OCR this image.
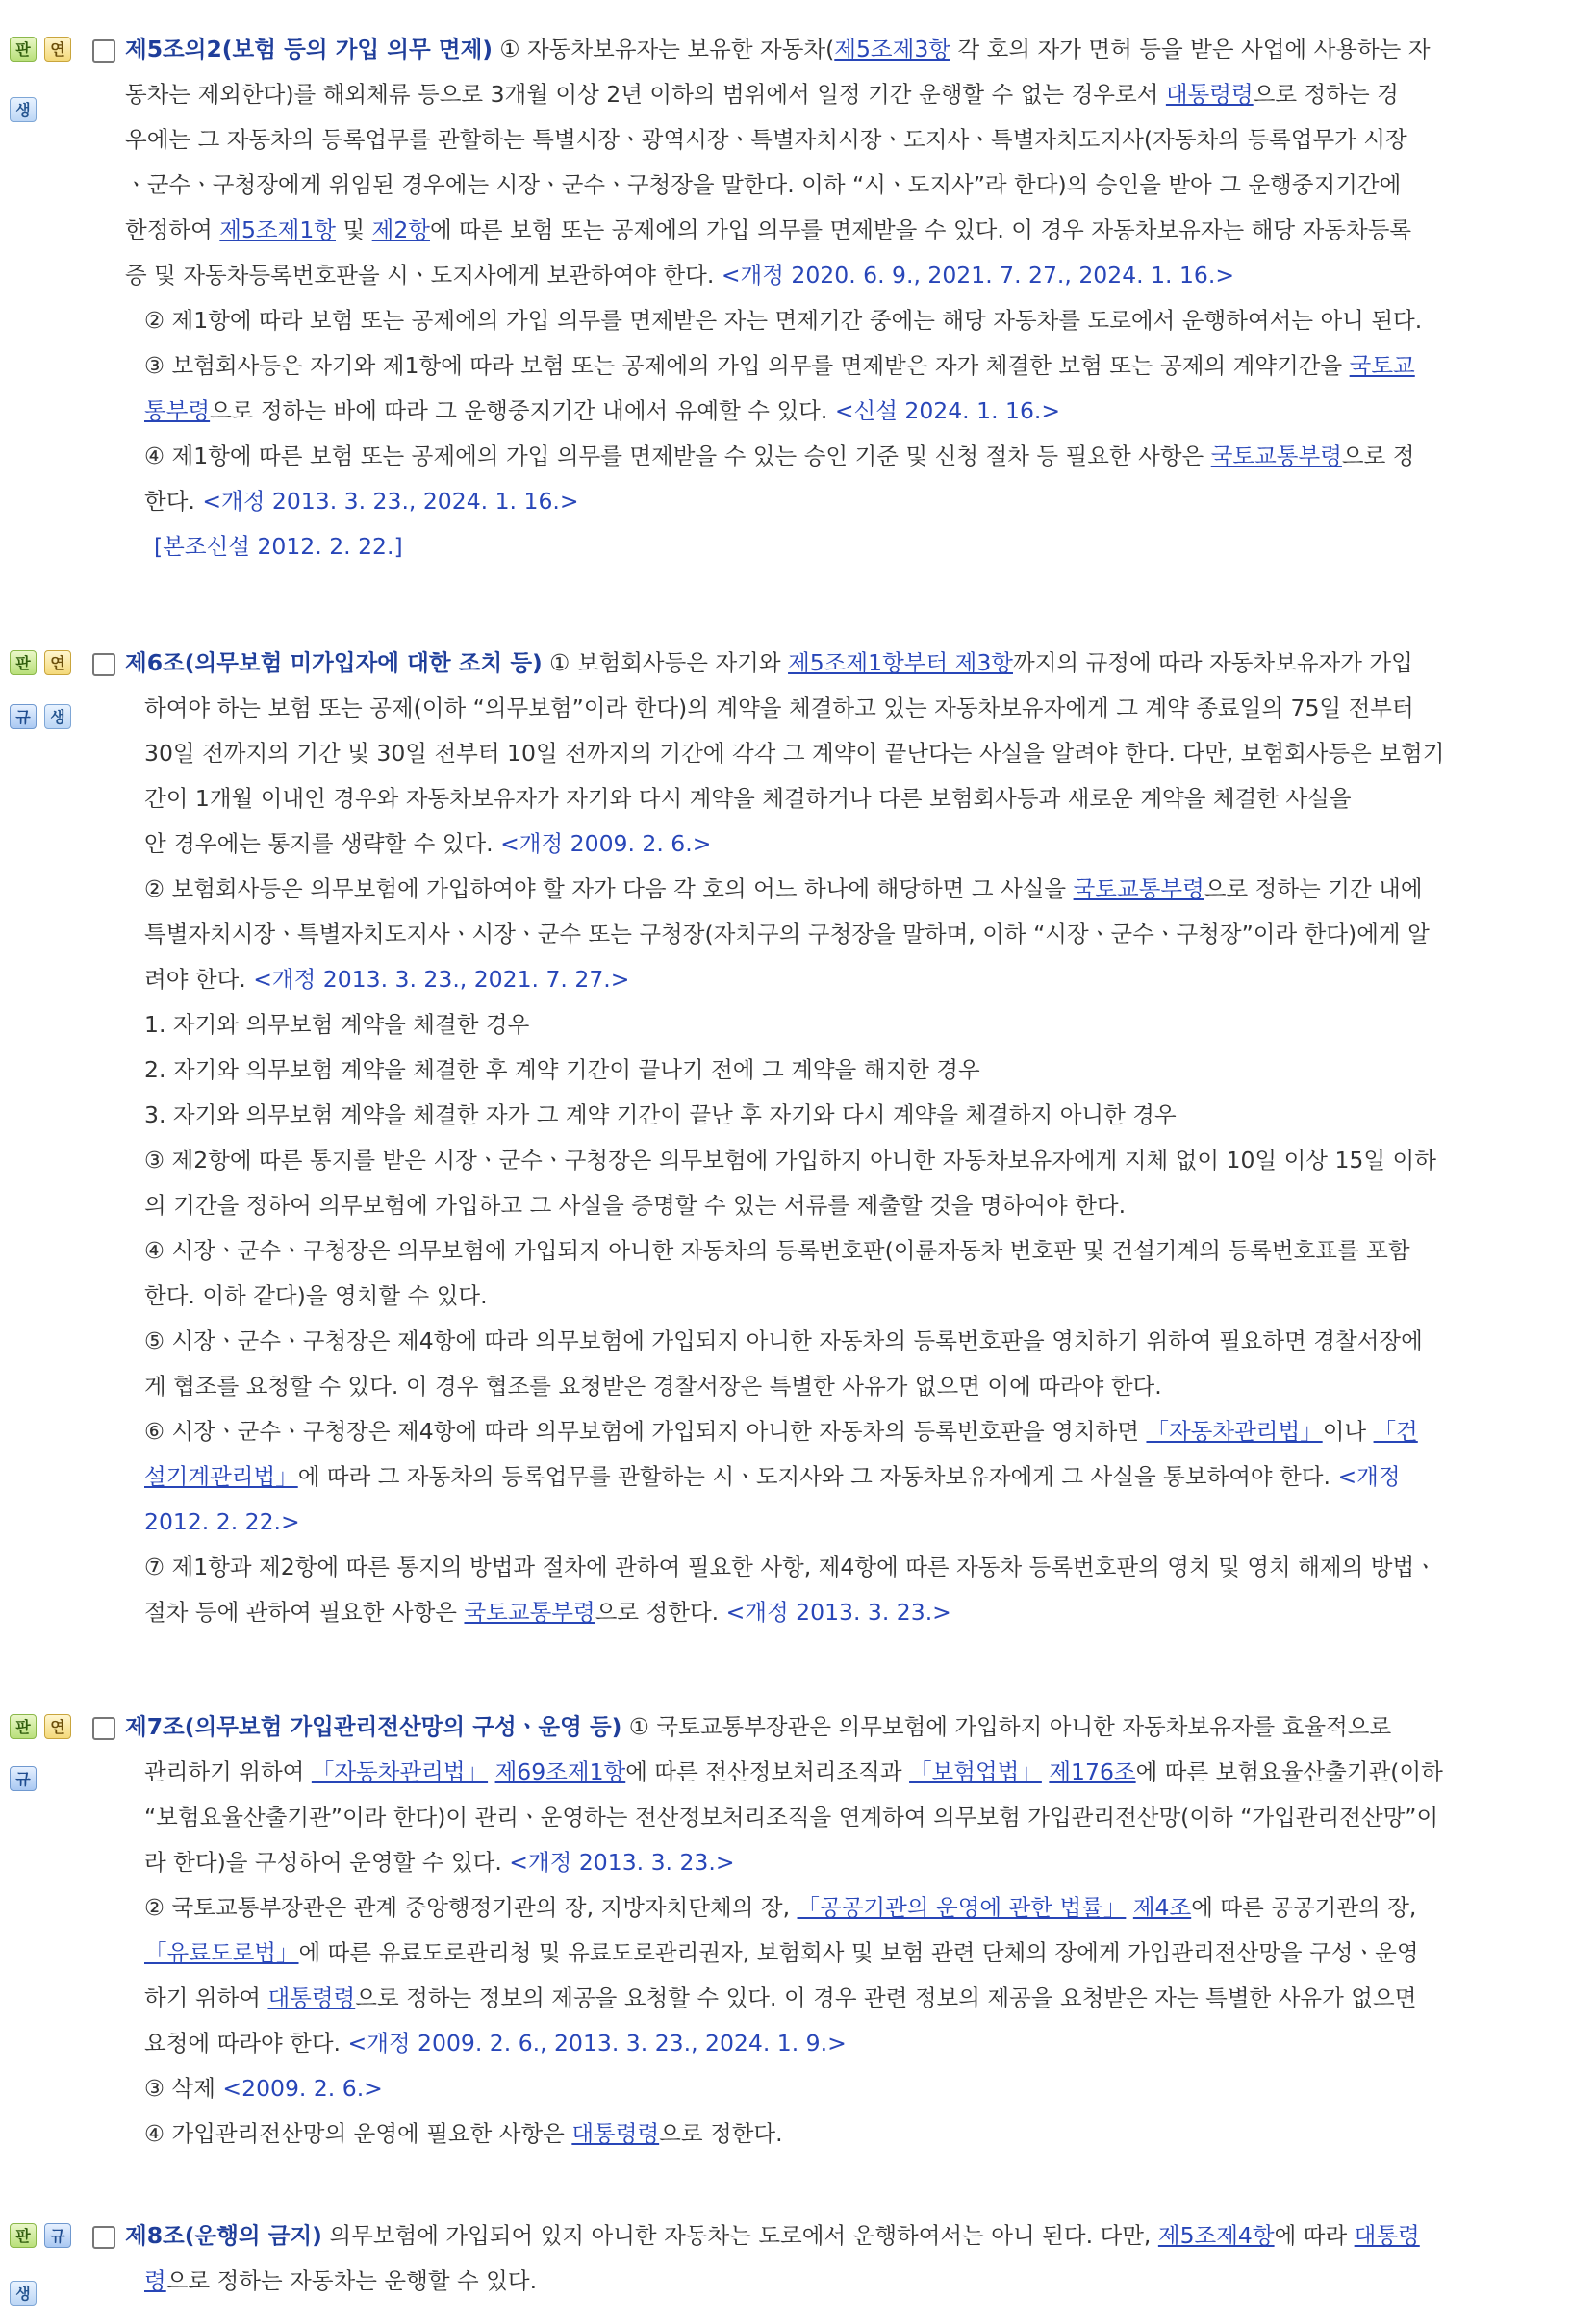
판	연
생
제5조의2(보험 등의 가입 의무 면제) ① 자동차보유자는 보유한 자동차(제5조제3항 각 호의 자가 면허 등을 받은 사업에 사용하는 자
동차는 제외한다)를 해외체류 등으로 3개월 이상 2년 이하의 범위에서 일정 기간 운행할 수 없는 경우로서 대통령령으로 정하는 경
우에는 그 자동차의 등록업무를 관할하는 특별시장ㆍ광역시장ㆍ특별자치시장ㆍ도지사ㆍ특별자치도지사(자동차의 등록업무가 시장
ㆍ군수ㆍ구청장에게 위임된 경우에는 시장ㆍ군수ㆍ구청장을 말한다. 이하 “시ㆍ도지사”라 한다)의 승인을 받아 그 운행중지기간에
한정하여 제5조제1항 및 제2항에 따른 보험 또는 공제에의 가입 의무를 면제받을 수 있다. 이 경우 자동차보유자는 해당 자동차등록
증 및 자동차등록번호판을 시ㆍ도지사에게 보관하여야 한다. <개정 2020. 6. 9., 2021. 7. 27., 2024. 1. 16.>
② 제1항에 따라 보험 또는 공제에의 가입 의무를 면제받은 자는 면제기간 중에는 해당 자동차를 도로에서 운행하여서는 아니 된다.
③ 보험회사등은 자기와 제1항에 따라 보험 또는 공제에의 가입 의무를 면제받은 자가 체결한 보험 또는 공제의 계약기간을 국토교
통부령으로 정하는 바에 따라 그 운행중지기간 내에서 유예할 수 있다. <신설 2024. 1. 16.>
④ 제1항에 따른 보험 또는 공제에의 가입 의무를 면제받을 수 있는 승인 기준 및 신청 절차 등 필요한 사항은 국토교통부령으로 정
한다. <개정 2013. 3. 23., 2024. 1. 16.>
[본조신설 2012. 2. 22.]
판	연
규	생
제6조(의무보험 미가입자에 대한 조치 등) ① 보험회사등은 자기와 제5조제1항부터 제3항까지의 규정에 따라 자동차보유자가 가입
하여야 하는 보험 또는 공제(이하 “의무보험”이라 한다)의 계약을 체결하고 있는 자동차보유자에게 그 계약 종료일의 75일 전부터
30일 전까지의 기간 및 30일 전부터 10일 전까지의 기간에 각각 그 계약이 끝난다는 사실을 알려야 한다. 다만, 보험회사등은 보험기
간이 1개월 이내인 경우와 자동차보유자가 자기와 다시 계약을 체결하거나 다른 보험회사등과 새로운 계약을 체결한 사실을
안 경우에는 통지를 생략할 수 있다. <개정 2009. 2. 6.>
② 보험회사등은 의무보험에 가입하여야 할 자가 다음 각 호의 어느 하나에 해당하면 그 사실을 국토교통부령으로 정하는 기간 내에
특별자치시장ㆍ특별자치도지사ㆍ시장ㆍ군수 또는 구청장(자치구의 구청장을 말하며, 이하 “시장ㆍ군수ㆍ구청장”이라 한다)에게 알
려야 한다. <개정 2013. 3. 23., 2021. 7. 27.>
1. 자기와 의무보험 계약을 체결한 경우
2. 자기와 의무보험 계약을 체결한 후 계약 기간이 끝나기 전에 그 계약을 해지한 경우
3. 자기와 의무보험 계약을 체결한 자가 그 계약 기간이 끝난 후 자기와 다시 계약을 체결하지 아니한 경우
③ 제2항에 따른 통지를 받은 시장ㆍ군수ㆍ구청장은 의무보험에 가입하지 아니한 자동차보유자에게 지체 없이 10일 이상 15일 이하
의 기간을 정하여 의무보험에 가입하고 그 사실을 증명할 수 있는 서류를 제출할 것을 명하여야 한다.
④ 시장ㆍ군수ㆍ구청장은 의무보험에 가입되지 아니한 자동차의 등록번호판(이륜자동차 번호판 및 건설기계의 등록번호표를 포함
한다. 이하 같다)을 영치할 수 있다.
⑤ 시장ㆍ군수ㆍ구청장은 제4항에 따라 의무보험에 가입되지 아니한 자동차의 등록번호판을 영치하기 위하여 필요하면 경찰서장에
게 협조를 요청할 수 있다. 이 경우 협조를 요청받은 경찰서장은 특별한 사유가 없으면 이에 따라야 한다.
⑥ 시장ㆍ군수ㆍ구청장은 제4항에 따라 의무보험에 가입되지 아니한 자동차의 등록번호판을 영치하면 「자동차관리법」이나 「건
설기계관리법」에 따라 그 자동차의 등록업무를 관할하는 시ㆍ도지사와 그 자동차보유자에게 그 사실을 통보하여야 한다. <개정
2012. 2. 22.>
⑦ 제1항과 제2항에 따른 통지의 방법과 절차에 관하여 필요한 사항, 제4항에 따른 자동차 등록번호판의 영치 및 영치 해제의 방법ㆍ
절차 등에 관하여 필요한 사항은 국토교통부령으로 정한다. <개정 2013. 3. 23.>
판	연
규
제7조(의무보험 가입관리전산망의 구성ㆍ운영 등) ① 국토교통부장관은 의무보험에 가입하지 아니한 자동차보유자를 효율적으로
관리하기 위하여 「자동차관리법」 제69조제1항에 따른 전산정보처리조직과 「보험업법」 제176조에 따른 보험요율산출기관(이하
“보험요율산출기관”이라 한다)이 관리ㆍ운영하는 전산정보처리조직을 연계하여 의무보험 가입관리전산망(이하 “가입관리전산망”이
라 한다)을 구성하여 운영할 수 있다. <개정 2013. 3. 23.>
② 국토교통부장관은 관계 중앙행정기관의 장, 지방자치단체의 장, 「공공기관의 운영에 관한 법률」 제4조에 따른 공공기관의 장,
「유료도로법」에 따른 유료도로관리청 및 유료도로관리권자, 보험회사 및 보험 관련 단체의 장에게 가입관리전산망을 구성ㆍ운영
하기 위하여 대통령령으로 정하는 정보의 제공을 요청할 수 있다. 이 경우 관련 정보의 제공을 요청받은 자는 특별한 사유가 없으면
요청에 따라야 한다. <개정 2009. 2. 6., 2013. 3. 23., 2024. 1. 9.>
③ 삭제 <2009. 2. 6.>
④ 가입관리전산망의 운영에 필요한 사항은 대통령령으로 정한다.
판	규
생
제8조(운행의 금지) 의무보험에 가입되어 있지 아니한 자동차는 도로에서 운행하여서는 아니 된다. 다만, 제5조제4항에 따라 대통령
령으로 정하는 자동차는 운행할 수 있다.
